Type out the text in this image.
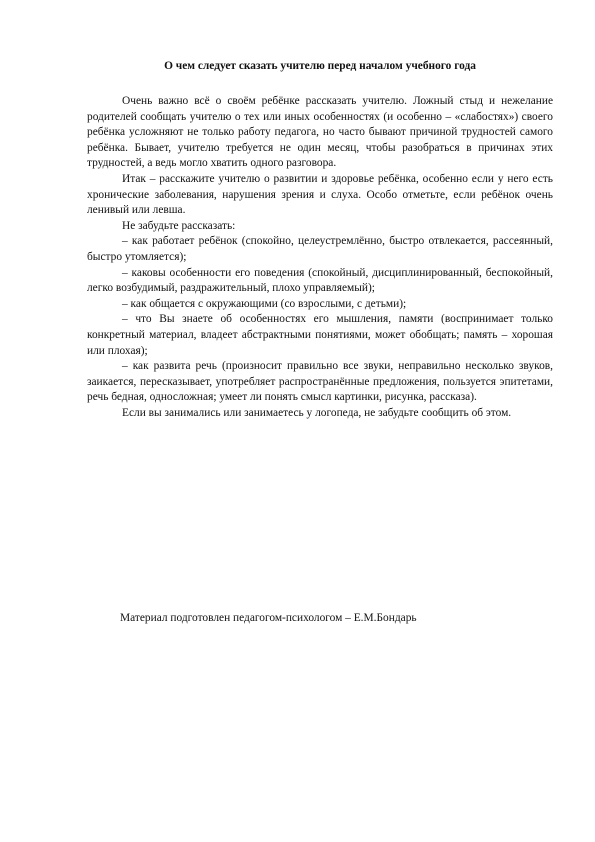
О чем следует сказать учителю перед началом учебного года

Очень важно всё о своём ребёнке рассказать учителю. Ложный стыд и нежелание родителей сообщать учителю о тех или иных особенностях (и особенно – «слабостях») своего ребёнка усложняют не только работу педагога, но часто бывают причиной трудностей самого ребёнка. Бывает, учителю требуется не один месяц, чтобы разобраться в причинах этих трудностей, а ведь могло хватить одного разговора.

Итак – расскажите учителю о развитии и здоровье ребёнка, особенно если у него есть хронические заболевания, нарушения зрения и слуха. Особо отметьте, если ребёнок очень ленивый или левша.

Не забудьте рассказать:

– как работает ребёнок (спокойно, целеустремлённо, быстро отвлекается, рассеянный, быстро утомляется);

– каковы особенности его поведения (спокойный, дисциплинированный, беспокойный, легко возбудимый, раздражительный, плохо управляемый);

– как общается с окружающими (со взрослыми, с детьми);

– что Вы знаете об особенностях его мышления, памяти (воспринимает только конкретный материал, владеет абстрактными понятиями, может обобщать; память – хорошая или плохая);

– как развита речь (произносит правильно все звуки, неправильно несколько звуков, заикается, пересказывает, употребляет распространённые предложения, пользуется эпитетами, речь бедная, односложная; умеет ли понять смысл картинки, рисунка, рассказа).

Если вы занимались или занимаетесь у логопеда, не забудьте сообщить об этом.

Материал подготовлен педагогом-психологом – Е.М.Бондарь
